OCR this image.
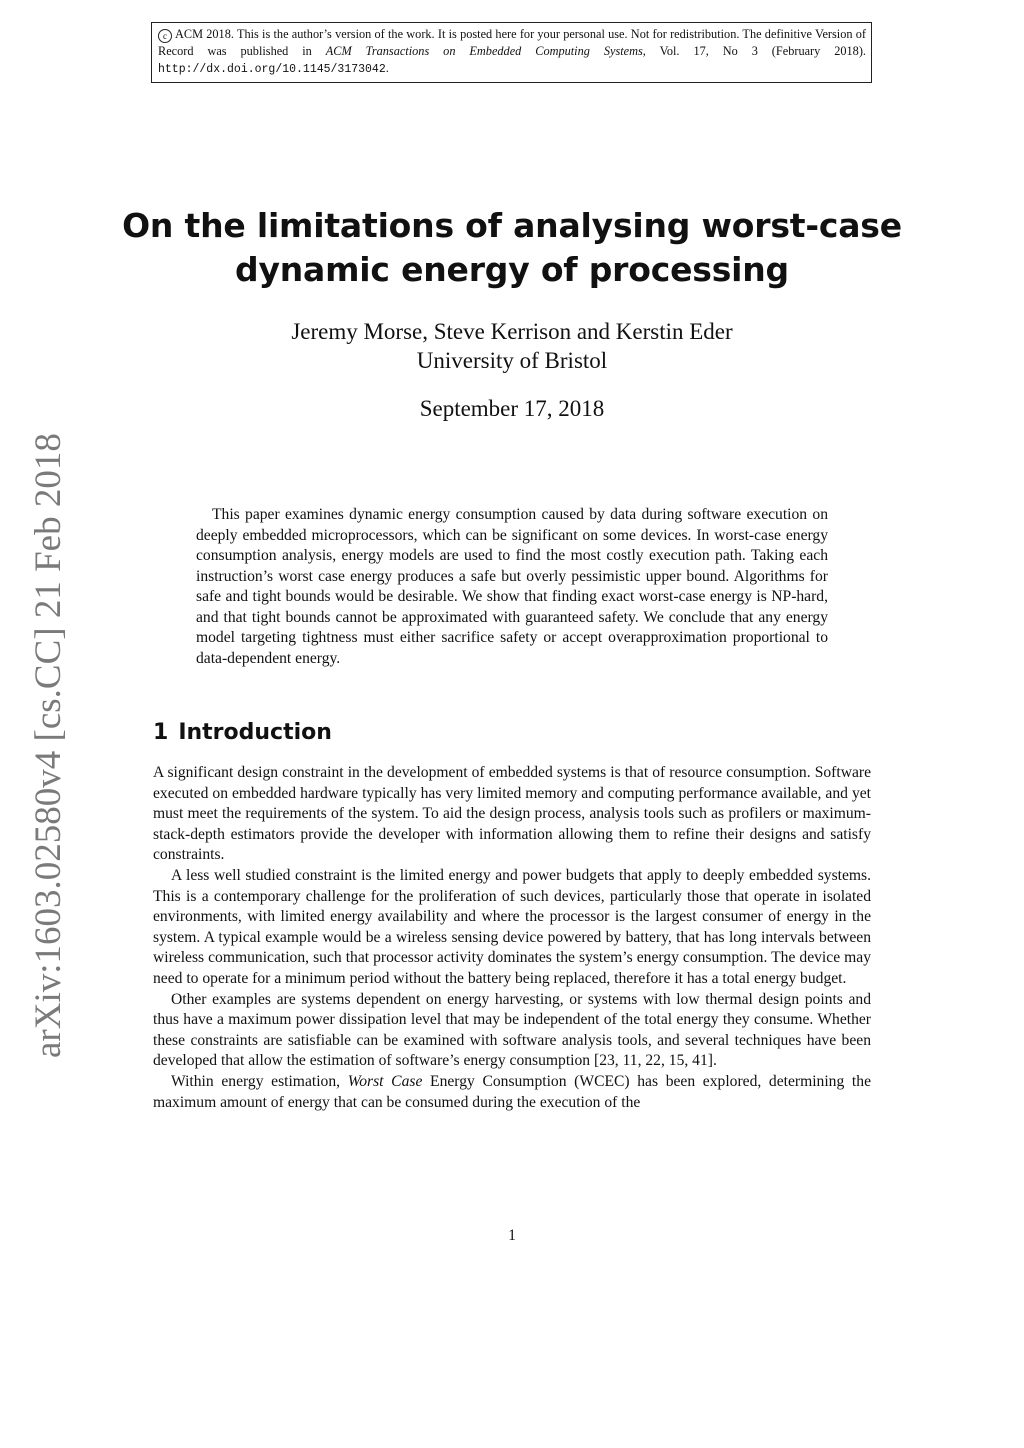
c ACM 2018. This is the author’s version of the work. It is posted here for your personal use. Not for redistribution. The definitive Version of Record was published in ACM Transactions on Embedded Computing Systems, Vol. 17, No 3 (February 2018). http://dx.doi.org/10.1145/3173042.
arXiv:1603.02580v4 [cs.CC] 21 Feb 2018
On the limitations of analysing worst-case
dynamic energy of processing
Jeremy Morse, Steve Kerrison and Kerstin Eder
University of Bristol
September 17, 2018

This paper examines dynamic energy consumption caused by data during software execution on deeply embedded microprocessors, which can be significant on some devices. In worst-case energy consumption analysis, energy models are used to find the most costly execution path. Taking each instruction’s worst case energy produces a safe but overly pessimistic upper bound. Algorithms for safe and tight bounds would be desirable. We show that finding exact worst-case energy is NP-hard, and that tight bounds cannot be approximated with guaranteed safety. We conclude that any energy model targeting tightness must either sacrifice safety or accept overapproximation proportional to data-dependent energy.

1 Introduction

A significant design constraint in the development of embedded systems is that of resource consumption. Software executed on embedded hardware typically has very limited memory and computing performance available, and yet must meet the requirements of the system. To aid the design process, analysis tools such as profilers or maximum-stack-depth estimators provide the developer with information allowing them to refine their designs and satisfy constraints.

A less well studied constraint is the limited energy and power budgets that apply to deeply embedded systems. This is a contemporary challenge for the proliferation of such devices, particularly those that operate in isolated environments, with limited energy availability and where the processor is the largest consumer of energy in the system. A typical example would be a wireless sensing device powered by battery, that has long intervals between wireless communication, such that processor activity dominates the system’s energy consumption. The device may need to operate for a minimum period without the battery being replaced, therefore it has a total energy budget.

Other examples are systems dependent on energy harvesting, or systems with low thermal design points and thus have a maximum power dissipation level that may be independent of the total energy they consume. Whether these constraints are satisfiable can be examined with software analysis tools, and several techniques have been developed that allow the estimation of software’s energy consumption [23, 11, 22, 15, 41].

Within energy estimation, Worst Case Energy Consumption (WCEC) has been explored, determining the maximum amount of energy that can be consumed during the execution of the

1
